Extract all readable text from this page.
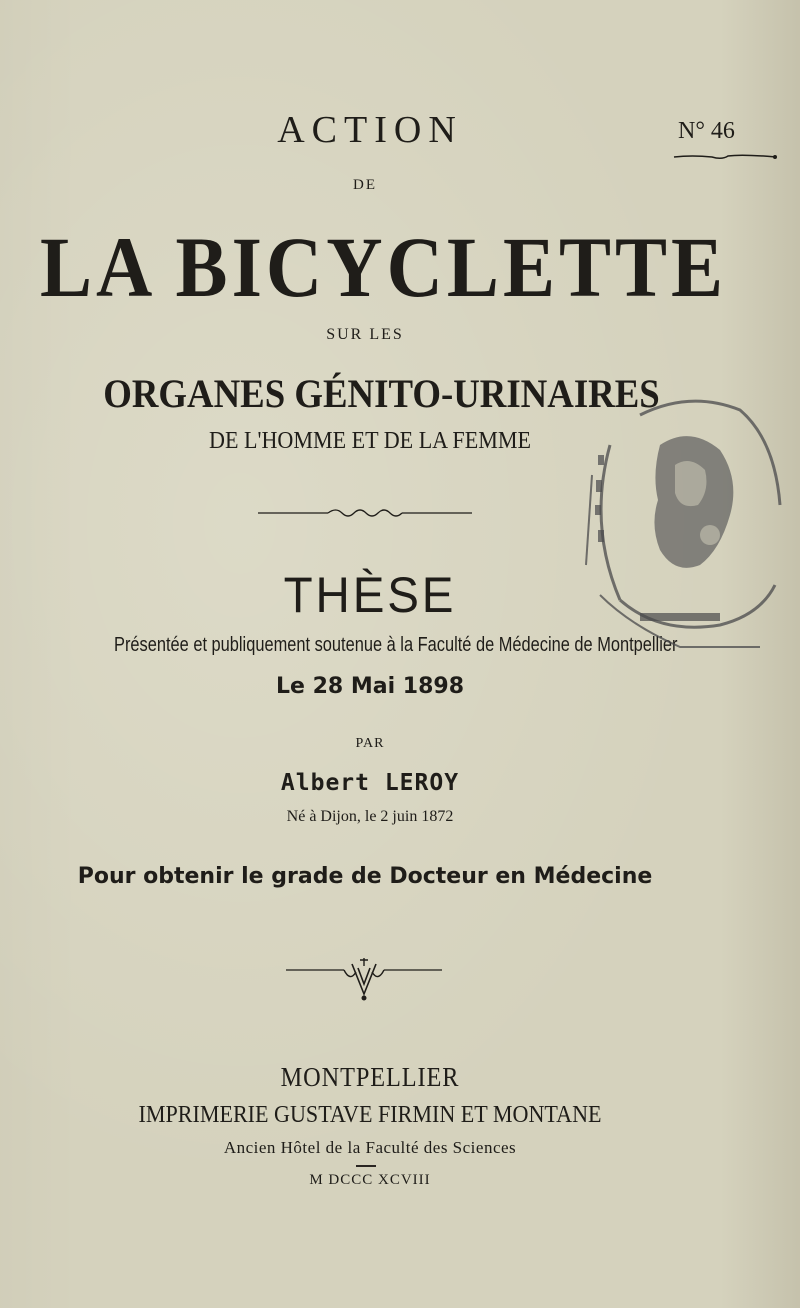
ACTION	N° 46
DE
LA BICYCLETTE
SUR LES
ORGANES GÉNITO-URINAIRES
DE L'HOMME ET DE LA FEMME
THÈSE
Présentée et publiquement soutenue à la Faculté de Médecine de Montpellier
Le 28 Mai 1898
PAR
Albert LEROY
Né à Dijon, le 2 juin 1872
Pour obtenir le grade de Docteur en Médecine
MONTPELLIER
IMPRIMERIE GUSTAVE FIRMIN ET MONTANE
Ancien Hôtel de la Faculté des Sciences
M DCCC XCVIII
